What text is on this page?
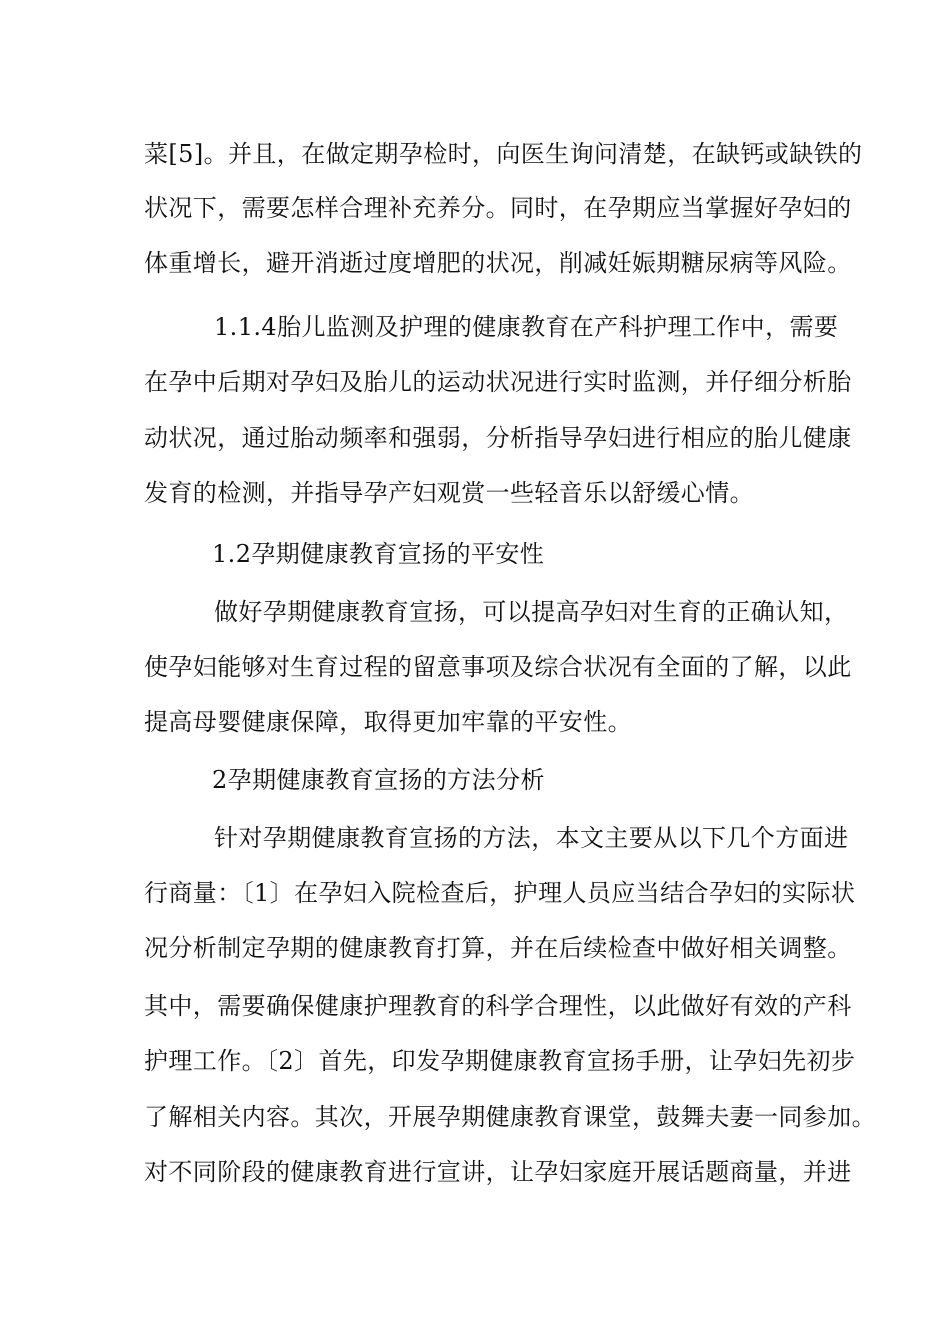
菜[5]。并且，在做定期孕检时，向医生询问清楚，在缺钙或缺铁的
状况下，需要怎样合理补充养分。同时，在孕期应当掌握好孕妇的
体重增长，避开消逝过度增肥的状况，削减妊娠期糖尿病等风险。
1.1.4胎儿监测及护理的健康教育在产科护理工作中，需要
在孕中后期对孕妇及胎儿的运动状况进行实时监测，并仔细分析胎
动状况，通过胎动频率和强弱，分析指导孕妇进行相应的胎儿健康
发育的检测，并指导孕产妇观赏一些轻音乐以舒缓心情。
1.2孕期健康教育宣扬的平安性
做好孕期健康教育宣扬，可以提高孕妇对生育的正确认知，
使孕妇能够对生育过程的留意事项及综合状况有全面的了解，以此
提高母婴健康保障，取得更加牢靠的平安性。
2孕期健康教育宣扬的方法分析
针对孕期健康教育宣扬的方法，本文主要从以下几个方面进
行商量：〔1〕在孕妇入院检查后，护理人员应当结合孕妇的实际状
况分析制定孕期的健康教育打算，并在后续检查中做好相关调整。
其中，需要确保健康护理教育的科学合理性，以此做好有效的产科
护理工作。〔2〕首先，印发孕期健康教育宣扬手册，让孕妇先初步
了解相关内容。其次，开展孕期健康教育课堂，鼓舞夫妻一同参加。
对不同阶段的健康教育进行宣讲，让孕妇家庭开展话题商量，并进
